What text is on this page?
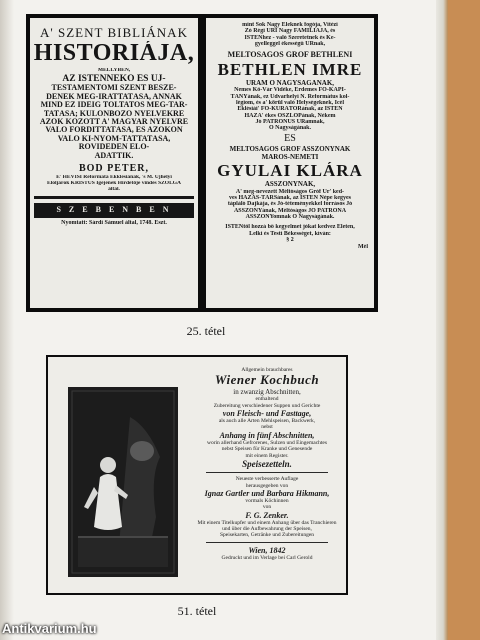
A' SZENT BIBLIÁNAK
HISTORIÁJA,
MELLYBEN,
AZ ISTENNEKÖ ÉS UJ-
TESTAMENTOMI SZENT BESZÉ-
DENEK MEG-IRATTATÁSA, ANNAK
MIND EZ IDEIG TOLTATOS MEG-TAR-
TATÁSA; KÜLÖNBÖZŐ NYELVEKRE
AZOK KÖZÖTT A' MAGYAR NYELVRE
VALÓ FORDITTATÁSA, ÉS AZOKON
VALÓ KI-NYOM-TATTATÁSA,
RÖVIDEDEN ELŐ-
ADATTIK.
BOD PÉTER,
E' HEVISI Reformata Ekklésiának, 's M. Ujhelyi
Elöljárók KRISTUS Igéjének Hirdetője vindés SZOLGA
által.
S Z E B E N B E N
Nyomtatt: Sárdi Sámuel által, 1748. Eszt.
mint Sok Nagy Eleknek fogója, Vitézi
Zó Régi URI Nagy FAMILIÁJA, és
ISTENhez - való Szeretetnek és Ke-
gyelleggel ékességű URnak,
MÉLTOSÁGOS GROF BETHLENI
BETHLEN IMRE
URAM Ő NAGYSÁGÁNAK,
Nemes Kő-Vár Vidéke, Érdemes FŐ-KAPI-
TÁNYának, ez Udvarhelyi N. Református kol-
légiom, és a' körül való Helységeknek, Icél
Eklésiái' FŐ-KURÁTORának, az ISTEN
HÁZA' ékes OSZLOPának, Nékem
Jó PATRONUS URamnak,
Ő Nagyságának.
ÉS
MÉLTOSÁGOS GRÓF ASSZONYNAK
MAROS-NÉMETI
GYULAI KLÁRA
ASSZONYNAK,
A' meg-nevezett Méltóságos Gróf Ur' ked-
ves HÁZAS-TÁRSának, az ISTEN Népe kegyes
tápláló Dajkája, és Jó-téteményekkel forrásos Jó
ASSZONYának, Méltóságos JÓ PATRONA
ASSZONYomnak Ő Nagyságának.
ISTENtől hozzá bő kegyelmet jókat kedvez Életen,
Lelki és Testi Békességet, kíván:
§ 2
Mél
25. tétel
Allgemein brauchbares
Wiener Kochbuch
in zwanzig Abschnitten,
enthaltend
Zubereitung verschiedener Suppen und Gerichte
von Fleisch- und Fasttage,
als auch alle Arten Mehlspeisen, Backwerk,
nebst
Anhang in fünf Abschnitten,
worin allerhand Gefrorenes, Sulzen und Eingemachtes
nebst Speisen für Kranke und Genesende
mit einem Register.
Speisezetteln.
Neueste verbesserte Auflage
herausgegeben von
Ignaz Gartler und Barbara Hikmann,
vormals Köchinnen
von
F. G. Zenker.
Mit einem Titelkupfer und einem Anhang über das Tranchieren
und über die Aufbewahrung der Speisen,
Speisekarten, Getränke und Zubereitungen
Wien, 1842
Gedruckt und im Verlage bei Carl Gerold
51. tétel
Antikvarium.hu
